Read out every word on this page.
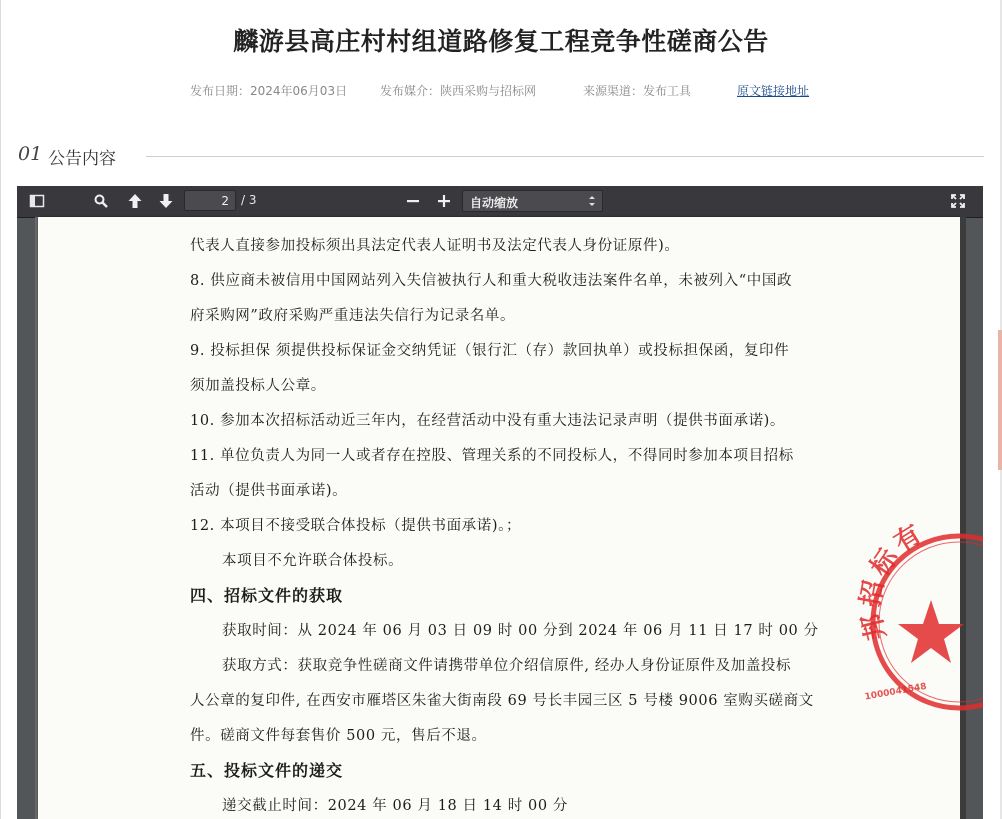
麟游县高庄村村组道路修复工程竞争性磋商公告
发布日期：2024年06月03日	发布媒介：陕西采购与招标网	来源渠道：发布工具	原文链接地址
01 公告内容
2
/ 3	自动缩放
代表人直接参加投标须出具法定代表人证明书及法定代表人身份证原件)。
8. 供应商未被信用中国网站列入失信被执行人和重大税收违法案件名单，未被列入“中国政
府采购网”政府采购严重违法失信行为记录名单。
9. 投标担保 须提供投标保证金交纳凭证（银行汇（存）款回执单）或投标担保函，复印件
须加盖投标人公章。
10. 参加本次招标活动近三年内，在经营活动中没有重大违法记录声明（提供书面承诺)。
11. 单位负责人为同一人或者存在控股、管理关系的不同投标人，不得同时参加本项目招标
活动（提供书面承诺)。
12. 本项目不接受联合体投标（提供书面承诺)。；
本项目不允许联合体投标。
四、招标文件的获取
获取时间：从 2024 年 06 月 03 日 09 时 00 分到 2024 年 06 月 11 日 17 时 00 分
获取方式：获取竞争性磋商文件请携带单位介绍信原件, 经办人身份证原件及加盖投标
人公章的复印件, 在西安市雁塔区朱雀大街南段 69 号长丰园三区 5 号楼 9006 室购买磋商文
件。磋商文件每套售价 500 元，售后不退。
五、投标文件的递交
递交截止时间：2024 年 06 月 18 日 14 时 00 分
邦招标有
1000041548
